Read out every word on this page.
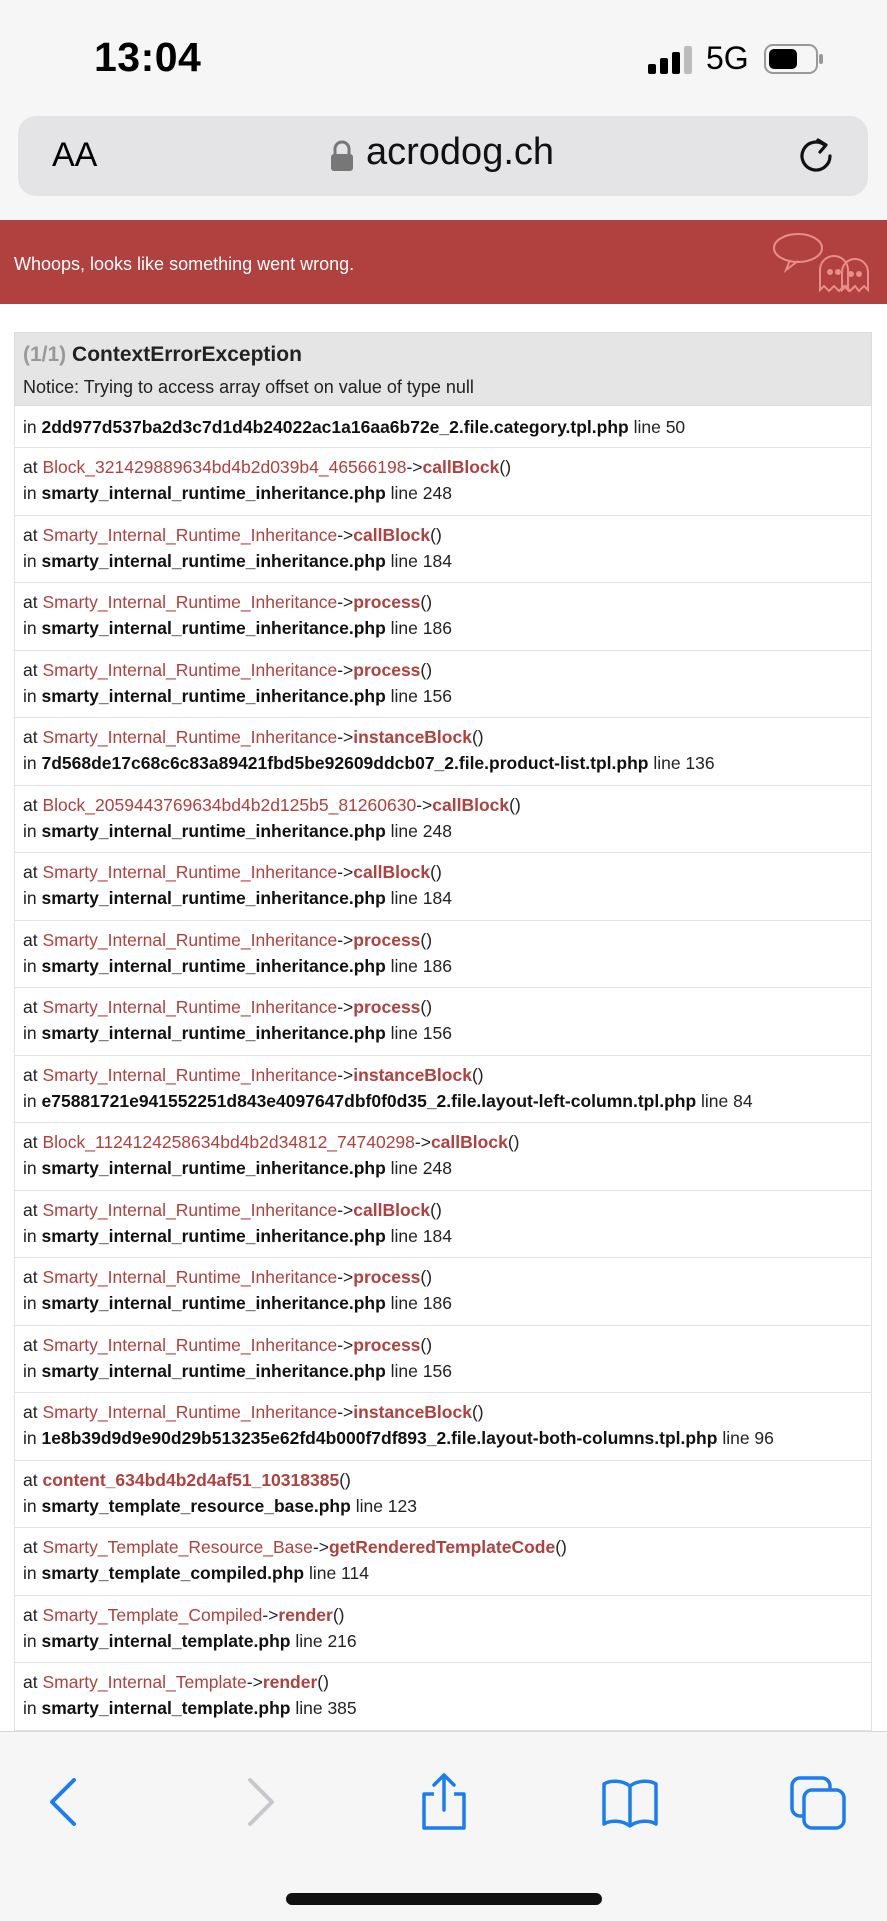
13:04	5G
AA	acrodog.ch
Whoops, looks like something went wrong.
(1/1) ContextErrorException
Notice: Trying to access array offset on value of type null
in 2dd977d537ba2d3c7d1d4b24022ac1a16aa6b72e_2.file.category.tpl.php line 50
at Block_321429889634bd4b2d039b4_46566198->callBlock()
in smarty_internal_runtime_inheritance.php line 248
at Smarty_Internal_Runtime_Inheritance->callBlock()
in smarty_internal_runtime_inheritance.php line 184
at Smarty_Internal_Runtime_Inheritance->process()
in smarty_internal_runtime_inheritance.php line 186
at Smarty_Internal_Runtime_Inheritance->process()
in smarty_internal_runtime_inheritance.php line 156
at Smarty_Internal_Runtime_Inheritance->instanceBlock()
in 7d568de17c68c6c83a89421fbd5be92609ddcb07_2.file.product-list.tpl.php line 136
at Block_2059443769634bd4b2d125b5_81260630->callBlock()
in smarty_internal_runtime_inheritance.php line 248
at Smarty_Internal_Runtime_Inheritance->callBlock()
in smarty_internal_runtime_inheritance.php line 184
at Smarty_Internal_Runtime_Inheritance->process()
in smarty_internal_runtime_inheritance.php line 186
at Smarty_Internal_Runtime_Inheritance->process()
in smarty_internal_runtime_inheritance.php line 156
at Smarty_Internal_Runtime_Inheritance->instanceBlock()
in e75881721e941552251d843e4097647dbf0f0d35_2.file.layout-left-column.tpl.php line 84
at Block_1124124258634bd4b2d34812_74740298->callBlock()
in smarty_internal_runtime_inheritance.php line 248
at Smarty_Internal_Runtime_Inheritance->callBlock()
in smarty_internal_runtime_inheritance.php line 184
at Smarty_Internal_Runtime_Inheritance->process()
in smarty_internal_runtime_inheritance.php line 186
at Smarty_Internal_Runtime_Inheritance->process()
in smarty_internal_runtime_inheritance.php line 156
at Smarty_Internal_Runtime_Inheritance->instanceBlock()
in 1e8b39d9d9e90d29b513235e62fd4b000f7df893_2.file.layout-both-columns.tpl.php line 96
at content_634bd4b2d4af51_10318385()
in smarty_template_resource_base.php line 123
at Smarty_Template_Resource_Base->getRenderedTemplateCode()
in smarty_template_compiled.php line 114
at Smarty_Template_Compiled->render()
in smarty_internal_template.php line 216
at Smarty_Internal_Template->render()
in smarty_internal_template.php line 385
